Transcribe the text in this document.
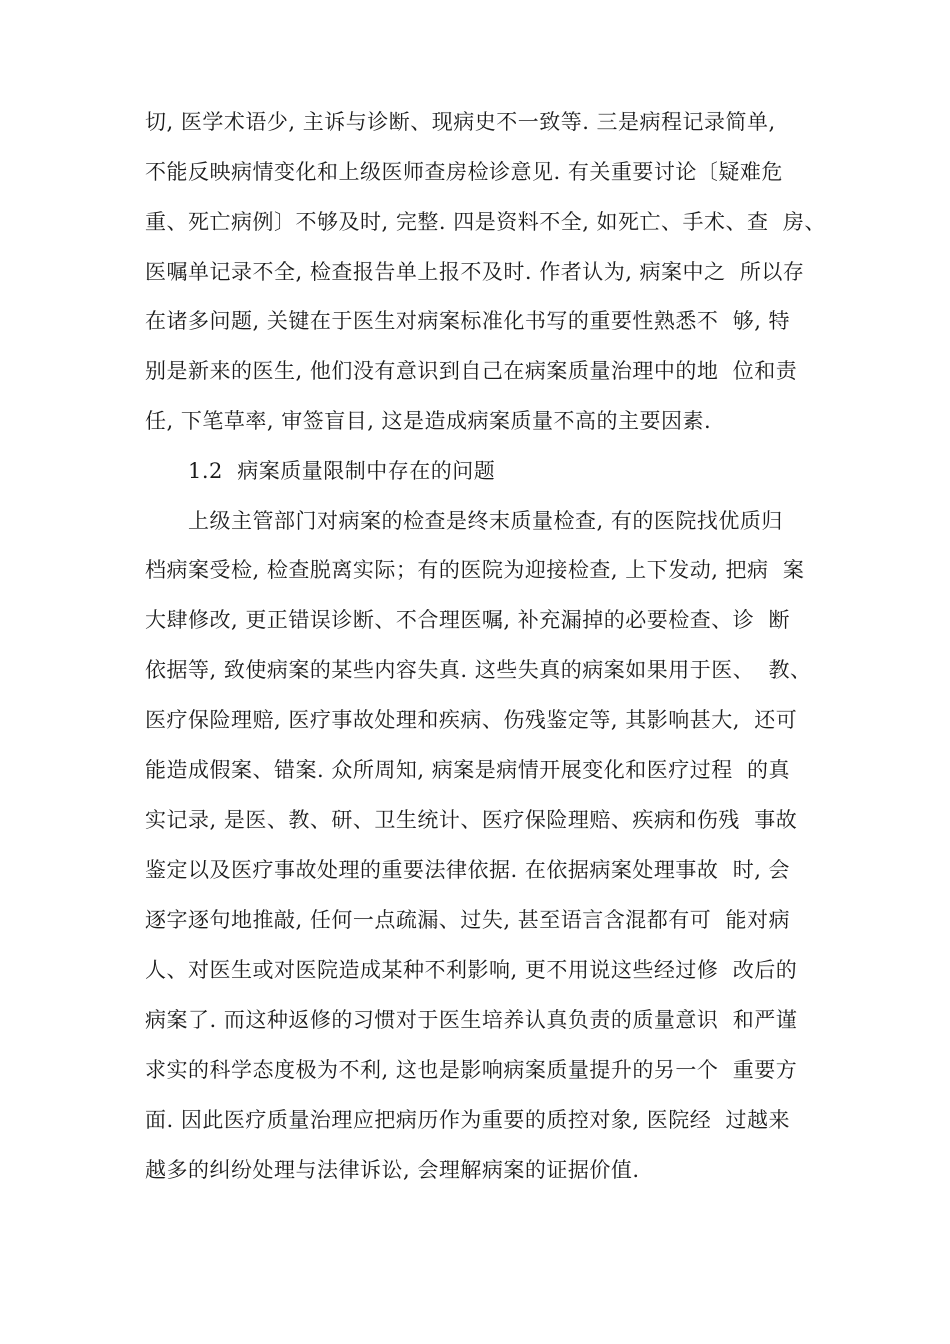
切, 医学术语少, 主诉与诊断、现病史不一致等. 三是病程记录简单,
不能反映病情变化和上级医师查房检诊意见. 有关重要讨论〔疑难危
重、死亡病例〕不够及时, 完整. 四是资料不全, 如死亡、手术、查  房、
医嘱单记录不全, 检查报告单上报不及时. 作者认为, 病案中之  所以存
在诸多问题, 关键在于医生对病案标准化书写的重要性熟悉不  够, 特
别是新来的医生, 他们没有意识到自己在病案质量治理中的地  位和责
任, 下笔草率, 审签盲目, 这是造成病案质量不高的主要因素.
1.2  病案质量限制中存在的问题
上级主管部门对病案的检查是终末质量检查, 有的医院找优质归
档病案受检, 检查脱离实际；有的医院为迎接检查, 上下发动, 把病  案
大肆修改, 更正错误诊断、不合理医嘱, 补充漏掉的必要检查、诊  断
依据等, 致使病案的某些内容失真. 这些失真的病案如果用于医、  教、
医疗保险理赔, 医疗事故处理和疾病、伤残鉴定等, 其影响甚大,  还可
能造成假案、错案. 众所周知, 病案是病情开展变化和医疗过程  的真
实记录, 是医、教、研、卫生统计、医疗保险理赔、疾病和伤残  事故
鉴定以及医疗事故处理的重要法律依据. 在依据病案处理事故  时, 会
逐字逐句地推敲, 任何一点疏漏、过失, 甚至语言含混都有可  能对病
人、对医生或对医院造成某种不利影响, 更不用说这些经过修  改后的
病案了. 而这种返修的习惯对于医生培养认真负责的质量意识  和严谨
求实的科学态度极为不利, 这也是影响病案质量提升的另一个  重要方
面. 因此医疗质量治理应把病历作为重要的质控对象, 医院经  过越来
越多的纠纷处理与法律诉讼, 会理解病案的证据价值.
